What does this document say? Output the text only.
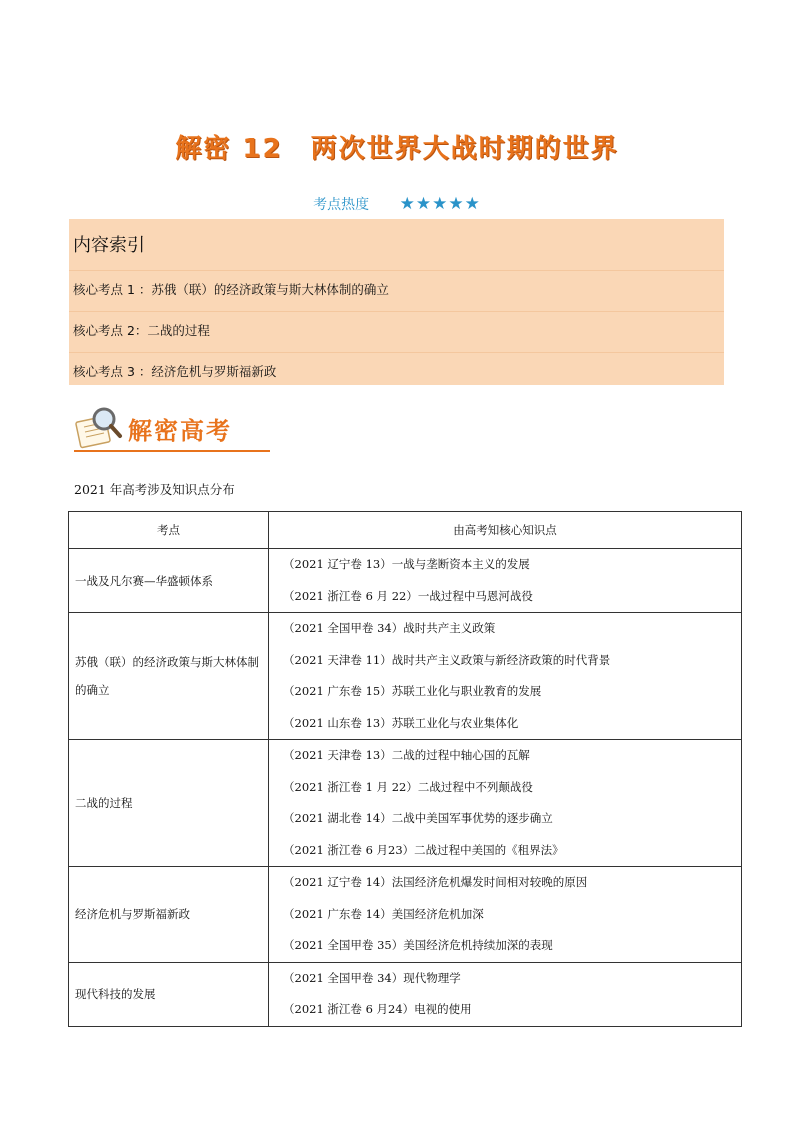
解密 12　两次世界大战时期的世界
考点热度 ★★★★★
内容索引
核心考点 1 ：苏俄（联）的经济政策与斯大林体制的确立
核心考点 2：二战的过程
核心考点 3 ：经济危机与罗斯福新政
解密高考
2021 年高考涉及知识点分布
考点	由高考知核心知识点
一战及凡尔赛—华盛顿体系	（2021 辽宁卷 13）一战与垄断资本主义的发展
（2021 浙江卷 6 月 22）一战过程中马恩河战役

苏俄（联）的经济政策与斯大林体制的确立	（2021 全国甲卷 34）战时共产主义政策
（2021 天津卷 11）战时共产主义政策与新经济政策的时代背景
（2021 广东卷 15）苏联工业化与职业教育的发展
（2021 山东卷 13）苏联工业化与农业集体化

二战的过程	（2021 天津卷 13）二战的过程中轴心国的瓦解
（2021 浙江卷 1 月 22）二战过程中不列颠战役
（2021 湖北卷 14）二战中美国军事优势的逐步确立
（2021 浙江卷 6 月23）二战过程中美国的《租界法》

经济危机与罗斯福新政	（2021 辽宁卷 14）法国经济危机爆发时间相对较晚的原因
（2021 广东卷 14）美国经济危机加深
（2021 全国甲卷 35）美国经济危机持续加深的表现

现代科技的发展	（2021 全国甲卷 34）现代物理学
（2021 浙江卷 6 月24）电视的使用
